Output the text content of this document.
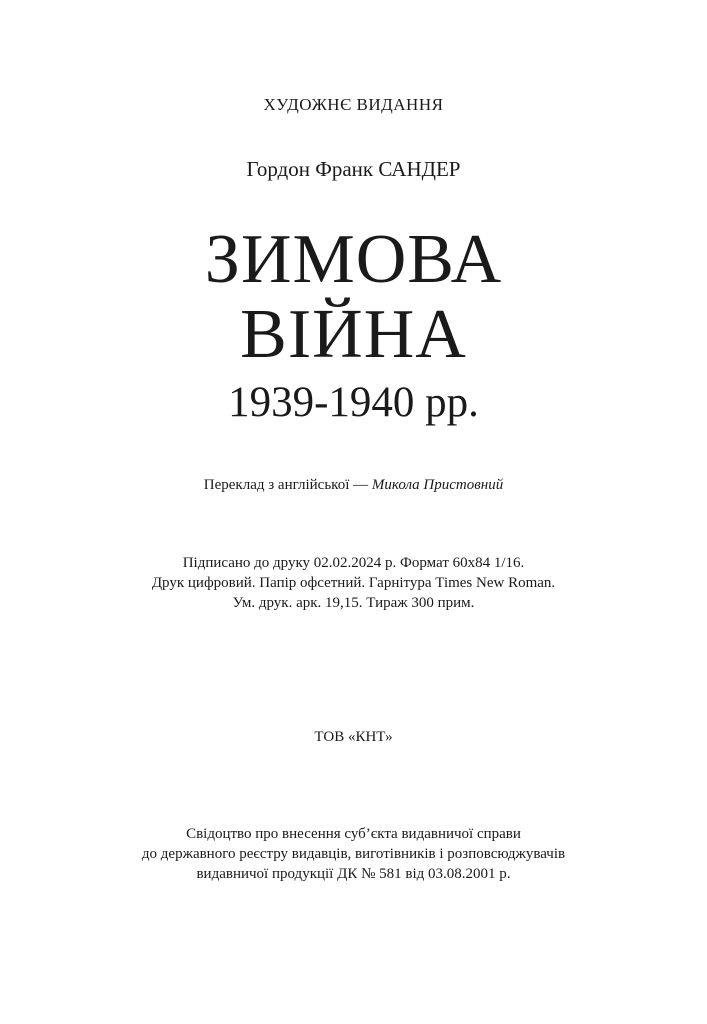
ХУДОЖНЄ ВИДАННЯ

Гордон Франк САНДЕР

ЗИМОВА
ВІЙНА

1939-1940 рр.

Переклад з англійської — Микола Пристовний

Підписано до друку 02.02.2024 р. Формат 60х84 1/16.
Друк цифровий. Папір офсетний. Гарнітура Times New Roman.
Ум. друк. арк. 19,15. Тираж 300 прим.

ТОВ «КНТ»

Свідоцтво про внесення суб’єкта видавничої справи
до державного реєстру видавців, виготівників і розповсюджувачів
видавничої продукції ДК № 581 від 03.08.2001 р.
